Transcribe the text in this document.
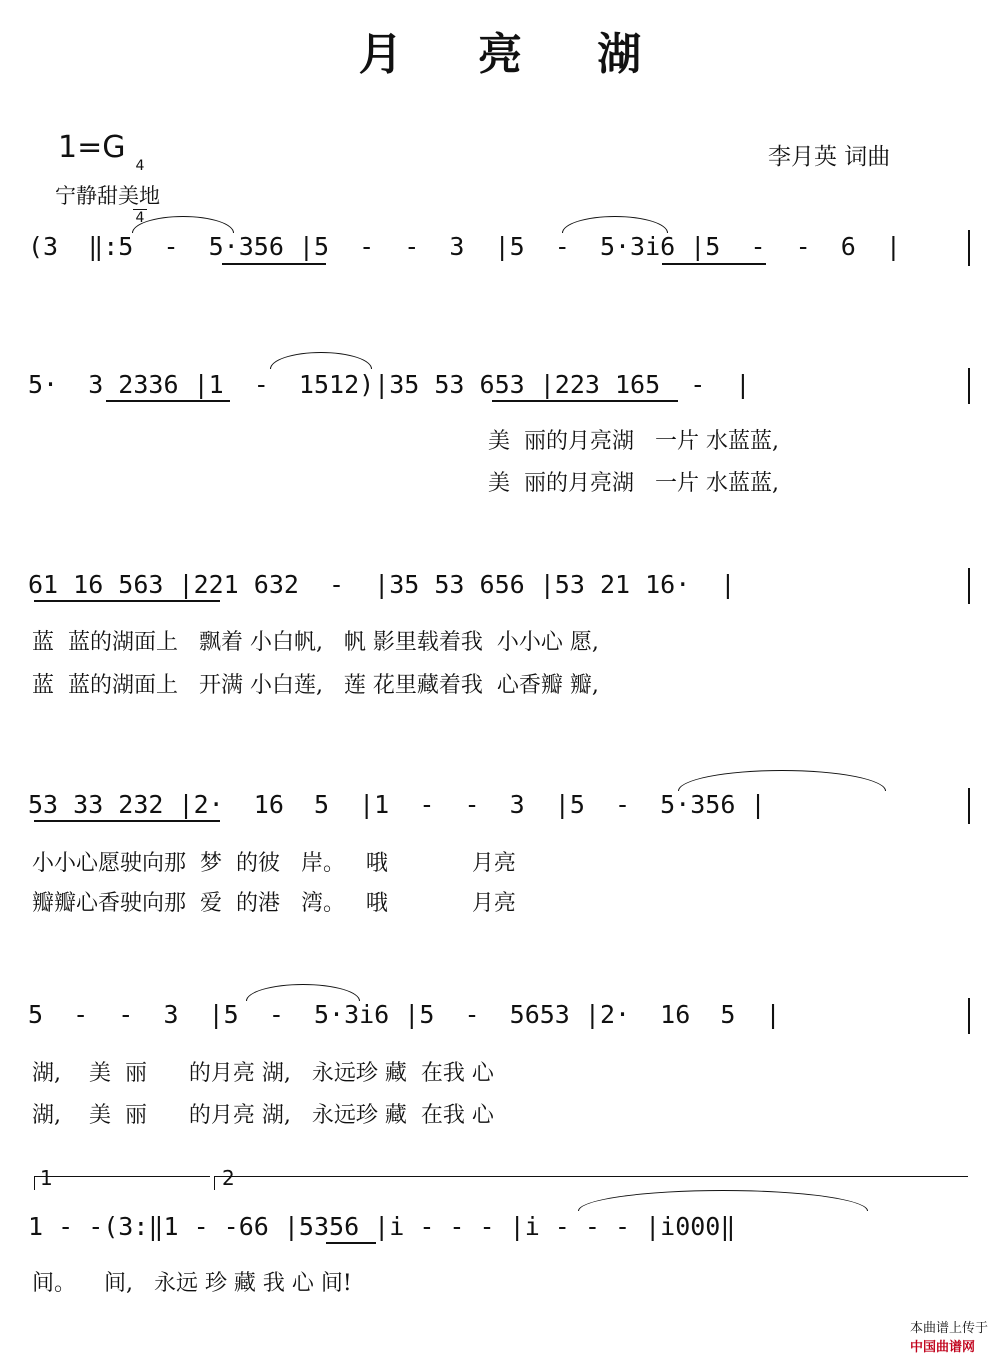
月 亮 湖
1=G

4

4

宁静甜美地
李月英 词曲
(3  ‖:5  -  5·356 |5  -  -  3  |5  -  5·3i6 |5  -  -  6  |
5·  3 2336 |1  -  1512)|35 53 653 |223 165  -  |
美  丽的月亮湖   一片 水蓝蓝,
美  丽的月亮湖   一片 水蓝蓝,
61 16 563 |221 632  -  |35 53 656 |53 21 16·  |
蓝  蓝的湖面上   飘着 小白帆,   帆 影里载着我  小小心 愿,
蓝  蓝的湖面上   开满 小白莲,   莲 花里藏着我  心香瓣 瓣,
53 33 232 |2·  16  5  |1  -  -  3  |5  -  5·356 |
小小心愿驶向那  梦  的彼   岸。   哦            月亮
瓣瓣心香驶向那  爱  的港   湾。   哦            月亮
5  -  -  3  |5  -  5·3i6 |5  -  5653 |2·  16  5  |
湖,    美  丽      的月亮 湖,   永远珍 藏  在我 心
湖,    美  丽      的月亮 湖,   永远珍 藏  在我 心
1	2
1 - -(3:‖1 - -66 |5356 |i - - - |i - - - |i000‖
间。    间,   永远 珍 藏 我 心 间!

本曲谱上传于
中国曲谱网
